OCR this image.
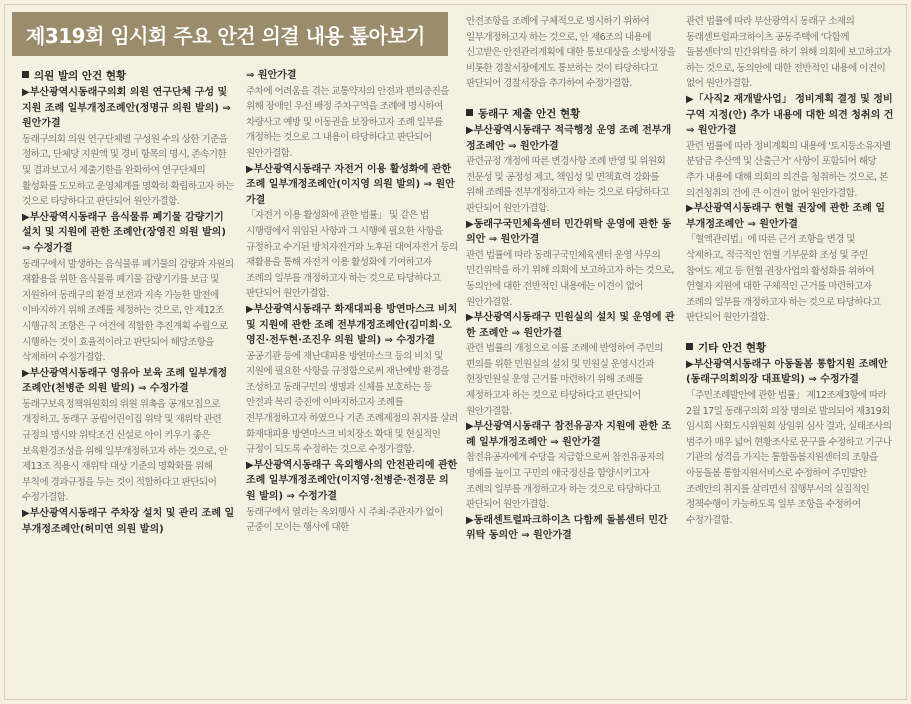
제319회 임시회 주요 안건 의결 내용 톺아보기
의원 발의 안건 현황
▶부산광역시동래구의회 의원 연구단체 구성 및 지원 조례 일부개정조례안(정명규 의원 발의) ⇒ 원안가결
동래구의회 의원 연구단체별 구성원 수의 상한 기준을 정하고, 단체당 지원액 및 경비 항목의 명시, 존속기한 및 결과보고서 제출기한을 완화하여 연구단체의 활성화를 도모하고 운영체계를 명확히 확립하고자 하는 것으로 타당하다고 판단되어 원안가결함.
▶부산광역시동래구 음식물류 폐기물 감량기기 설치 및 지원에 관한 조례안(장영진 의원 발의) ⇒ 수정가결
동래구에서 발생하는 음식물류 폐기물의 감량과 자원의 재활용을 위한 음식물류 폐기물 감량기기를 보급 및 지원하여 동래구의 환경 보전과 지속 가능한 발전에 이바지하기 위해 조례를 제정하는 것으로, 안 제12조 시행규칙 조항은 구 여건에 적합한 추진계획 수립으로 시행하는 것이 효율적이라고 판단되어 해당조항을 삭제하여 수정가결함.
▶부산광역시동래구 영유아 보육 조례 일부개정조례안(천병준 의원 발의) ⇒ 수정가결
동래구보육정책위원회의 위원 위촉을 공개모집으로 개정하고, 동래구 공립어린이집 위탁 및 재위탁 관련 규정의 명시와 위탁조건 신설로 아이 키우기 좋은 보육환경조성을 위해 일부개정하고자 하는 것으로, 안 제13조 적용시 재위탁 대상 기준의 명확화를 위해 부칙에 경과규정을 두는 것이 적합하다고 판단되어 수정가결함.
▶부산광역시동래구 주차장 설치 및 관리 조례 일부개정조례안(허미연 의원 발의)
⇒ 원안가결
주차에 어려움을 겪는 교통약자의 안전과 편의증진을 위해 장애인 우선 배정 주차구역을 조례에 명시하여 차량사고 예방 및 이동권을 보장하고자 조례 일부를 개정하는 것으로 그 내용이 타당하다고 판단되어 원안가결함.
▶부산광역시동래구 자전거 이용 활성화에 관한 조례 일부개정조례안(이지영 의원 발의) ⇒ 원안가결
「자전거 이용 활성화에 관한 법률」 및 같은 법 시행령에서 위임된 사항과 그 시행에 필요한 사항을 규정하고 수거된 방치자전거와 노후된 대여자전거 등의 재활용을 통해 자전거 이용 활성화에 기여하고자 조례의 일부를 개정하고자 하는 것으로 타당하다고 판단되어 원안가결함.
▶부산광역시동래구 화재대피용 방연마스크 비치 및 지원에 관한 조례 전부개정조례안(김미희·오영진·전두현·조진우 의원 발의) ⇒ 수정가결
공공기관 등에 재난대피용 방연마스크 등의 비치 및 지원에 필요한 사항을 규정함으로써 재난예방 환경을 조성하고 동래구민의 생명과 신체를 보호하는 등 안전과 복리 증진에 이바지하고자 조례를 전부개정하고자 하였으나 기존 조례제정의 취지를 살려 화재대피용 방연마스크 비치장소 확대 및 현실적인 규정이 되도록 수정하는 것으로 수정가결함.
▶부산광역시동래구 옥외행사의 안전관리에 관한 조례 일부개정조례안(이지영·천병준·전경문 의원 발의) ⇒ 수정가결
동래구에서 열리는 옥외행사 시 주최·주관자가 없이 군중이 모이는 행사에 대한
안전조항을 조례에 구체적으로 명시하기 위하여 일부개정하고자 하는 것으로, 안 제6조의 내용에 신고받은 안전관리계획에 대한 통보대상을 소방서장을 비롯한 경찰서장에게도 통보하는 것이 타당하다고 판단되어 경찰서장을 추가하여 수정가결함.
동래구 제출 안건 현황
▶부산광역시동래구 적극행정 운영 조례 전부개정조례안 ⇒ 원안가결
관련규정 개정에 따른 변경사항 조례 반영 및 위원회 전문성 및 공정성 제고, 책임성 및 면책효력 강화를 위해 조례를 전부개정하고자 하는 것으로 타당하다고 판단되어 원안가결함.
▶동래구국민체육센터 민간위탁 운영에 관한 동의안 ⇒ 원안가결
관련 법률에 따라 동래구국민체육센터 운영 사무의 민간위탁을 하기 위해 의회에 보고하고자 하는 것으로, 동의안에 대한 전반적인 내용에는 이견이 없어 원안가결함.
▶부산광역시동래구 민원실의 설치 및 운영에 관한 조례안 ⇒ 원안가결
관련 법률의 개정으로 이를 조례에 반영하여 주민의 편의를 위한 민원실의 설치 및 민원실 운영시간과 현장민원실 운영 근거를 마련하기 위해 조례를 제정하고자 하는 것으로 타당하다고 판단되어 원안가결함.
▶부산광역시동래구 참전유공자 지원에 관한 조례 일부개정조례안 ⇒ 원안가결
참전유공자에게 수당을 지급함으로써 참전유공자의 명예를 높이고 구민의 애국정신을 함양시키고자 조례의 일부를 개정하고자 하는 것으로 타당하다고 판단되어 원안가결함.
▶동래센트럴파크하이츠 다함께 돌봄센터 민간위탁 동의안 ⇒ 원안가결
관련 법률에 따라 부산광역시 동래구 소재의 동래센트럴파크하이츠 공동주택에 '다함께 돌봄센터'의 민간위탁을 하기 위해 의회에 보고하고자 하는 것으로, 동의안에 대한 전반적인 내용에 이견이 없어 원안가결함.
▶「사직2 재개발사업」 정비계획 결정 및 정비구역 지정(안) 추가 내용에 대한 의견 청취의 건 ⇒ 원안가결
관련 법률에 따라 정비계획의 내용에 '토지등소유자별 분담금 추산액 및 산출근거' 사항이 포함되어 해당 추가 내용에 대해 의회의 의견을 청취하는 것으로, 본 의견청취의 건에 큰 이견이 없어 원안가결함.
▶부산광역시동래구 헌혈 권장에 관한 조례 일부개정조례안 ⇒ 원안가결
「혈액관리법」에 따른 근거 조항을 변경 및 삭제하고, 적극적인 헌혈 기부문화 조성 및 주민 참여도 제고 등 헌혈 권장사업의 활성화를 위하여 헌혈자 지원에 대한 구체적인 근거를 마련하고자 조례의 일부를 개정하고자 하는 것으로 타당하다고 판단되어 원안가결함.
기타 안건 현황
▶부산광역시동래구 아동돌봄 통합지원 조례안(동래구의회의장 대표발의) ⇒ 수정가결
「주민조례발안에 관한 법률」 제12조제3항에 따라 2월 17일 동래구의회 의장 명의로 발의되어 제319회 임시회 사회도시위원회 상임위 심사 결과, 실태조사의 범주가 매우 넓어 현황조사로 문구를 수정하고 기구나 기관의 성격을 가지는 통합돌봄지원센터의 조항을 아동돌봄 통합지원서비스로 수정하여 주민발안 조례안의 취지를 살리면서 집행부서의 실질적인 정책수행이 가능하도록 일부 조항을 수정하여 수정가결함.
